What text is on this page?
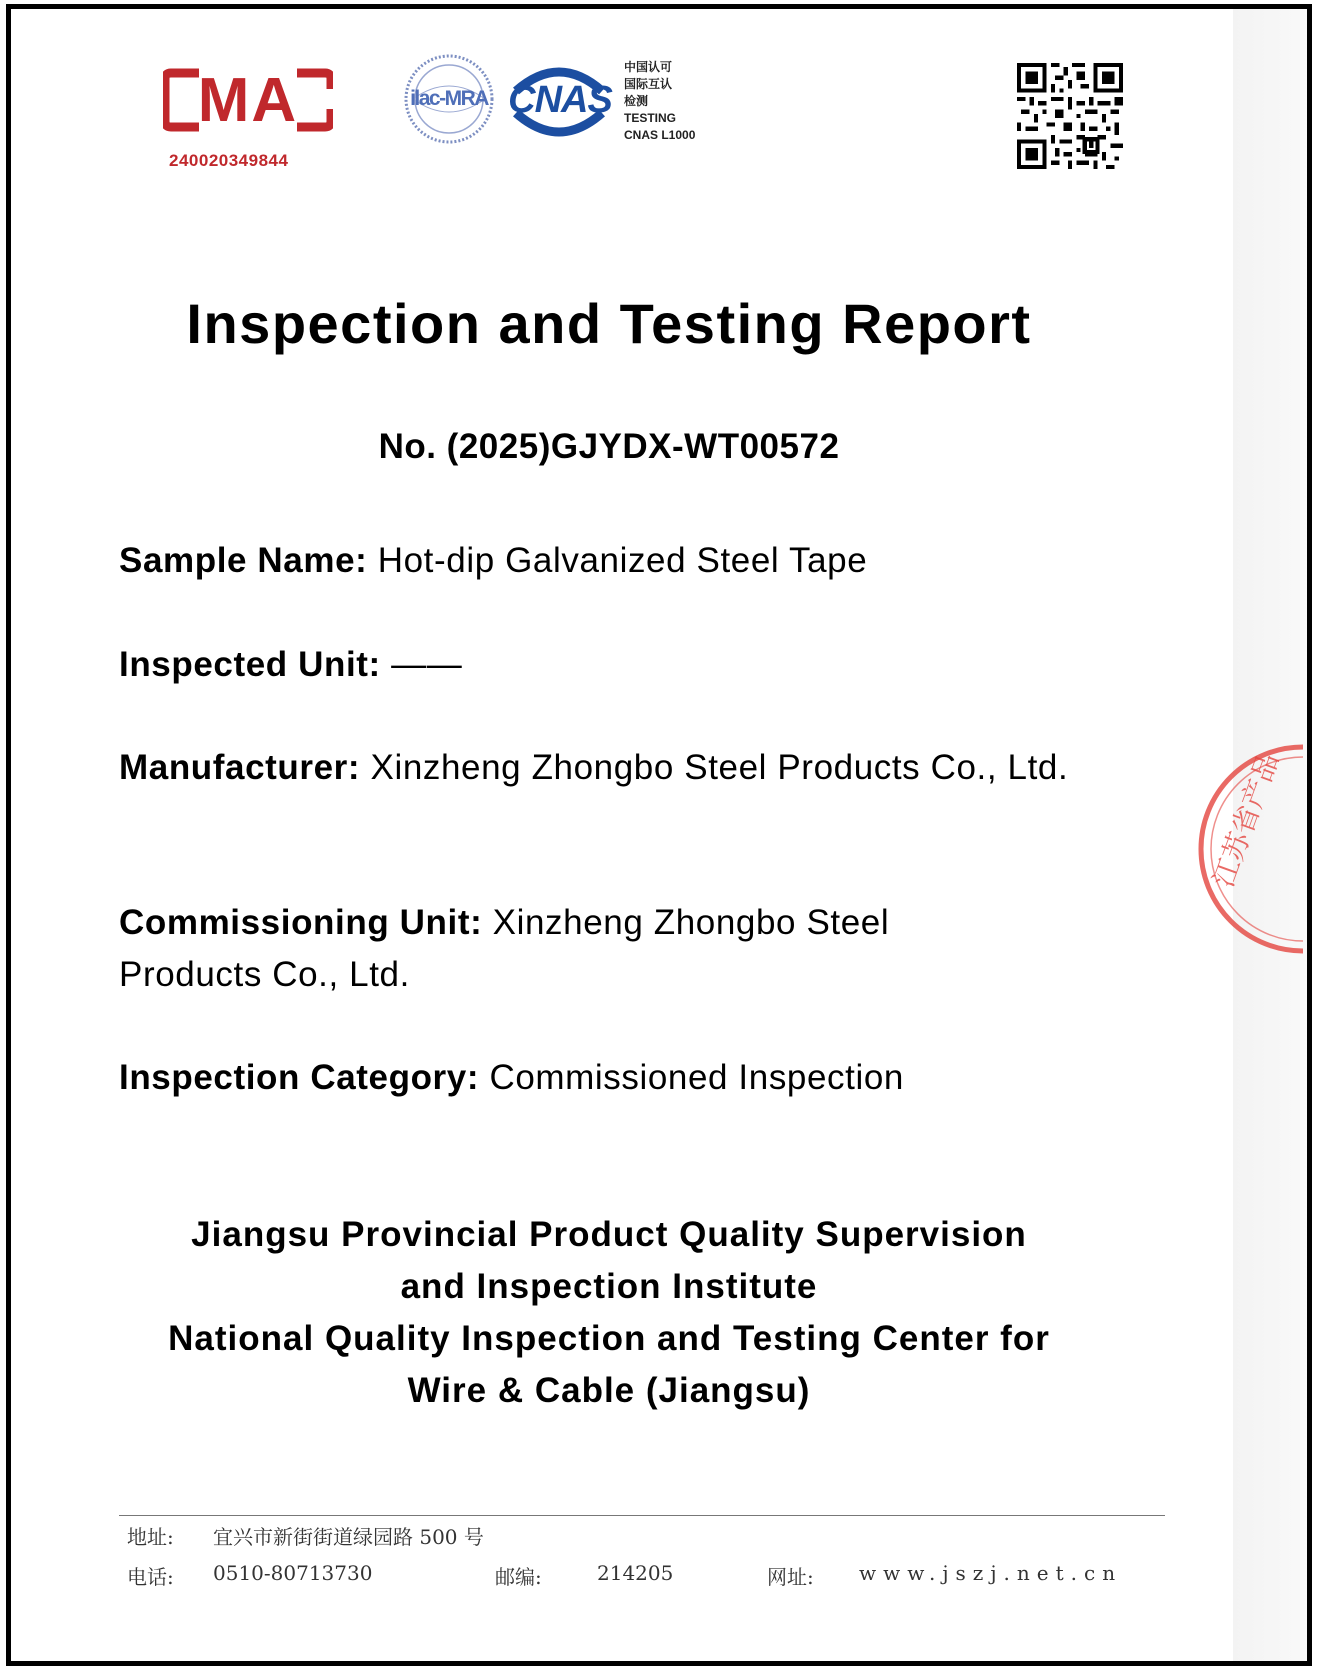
MA
240020349844
ilac-MRA CNAS
中国认可
国际互认
检测
TESTING
CNAS L1000
Inspection and Testing Report
No. (2025)GJYDX-WT00572
Sample Name: Hot-dip Galvanized Steel Tape
Inspected Unit: ——
Manufacturer: Xinzheng Zhongbo Steel Products Co., Ltd.
Commissioning Unit: Xinzheng Zhongbo Steel Products Co., Ltd.
Inspection Category: Commissioned Inspection
Jiangsu Provincial Product Quality Supervision
and Inspection Institute
National Quality Inspection and Testing Center for
Wire & Cable (Jiangsu)
江苏省产品
地址: 宜兴市新街街道绿园路 500 号
电话: 0510-80713730	邮编:	214205	网址: www.jszj.net.cn
